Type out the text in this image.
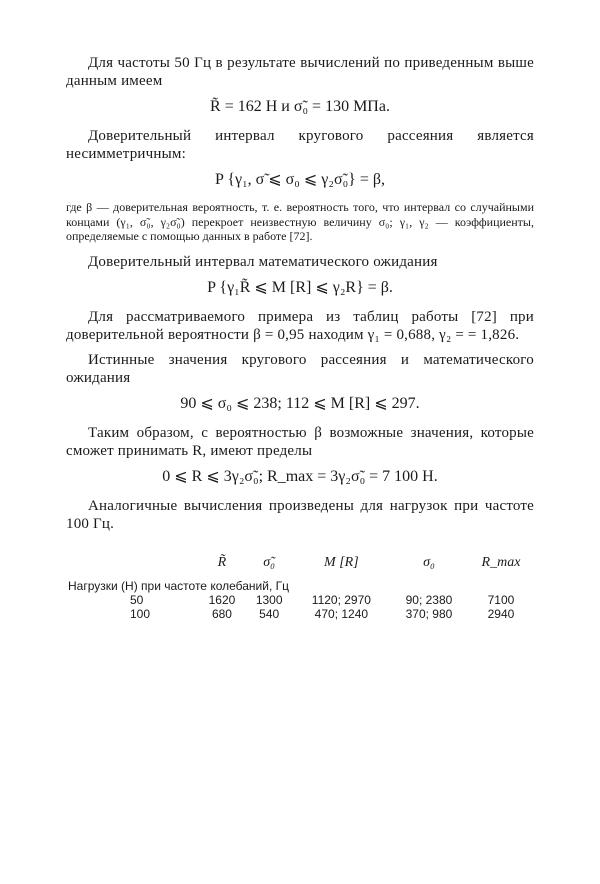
Для частоты 50 Гц в результате вычислений по приведенным выше данным имеем

R̃ = 162 Н и σ̃₀ = 130 МПа.

Доверительный интервал кругового рассеяния является несимметричным:

P {γ₁, σ̃ ⩽ σ₀ ⩽ γ₂σ̃₀} = β,

где β — доверительная вероятность, т. е. вероятность того, что интервал со случайными концами (γ₁, σ̃₀, γ₂σ̃₀) перекроет неизвестную величину σ₀; γ₁, γ₂ — коэффициенты, определяемые с помощью данных в работе [72].

Доверительный интервал математического ожидания

P {γ₁R̃ ⩽ M [R] ⩽ γ₂R} = β.

Для рассматриваемого примера из таблиц работы [72] при доверительной вероятности β = 0,95 находим γ₁ = 0,688, γ₂ = = 1,826.

Истинные значения кругового рассеяния и математического ожидания

90 ⩽ σ₀ ⩽ 238; 112 ⩽ M [R] ⩽ 297.

Таким образом, с вероятностью β возможные значения, которые сможет принимать R, имеют пределы

0 ⩽ R ⩽ 3γ₂σ̃₀; R_max = 3γ₂σ̃₀ = 7 100 Н.

Аналогичные вычисления произведены для нагрузок при частоте 100 Гц.

	R̃	σ̃₀	M [R]	σ₀	R_max
Нагрузки (Н) при частоте колебаний, Гц					
50	1620	1300	1120; 2970	90; 2380	7100
100	680	540	470; 1240	370; 980	2940
